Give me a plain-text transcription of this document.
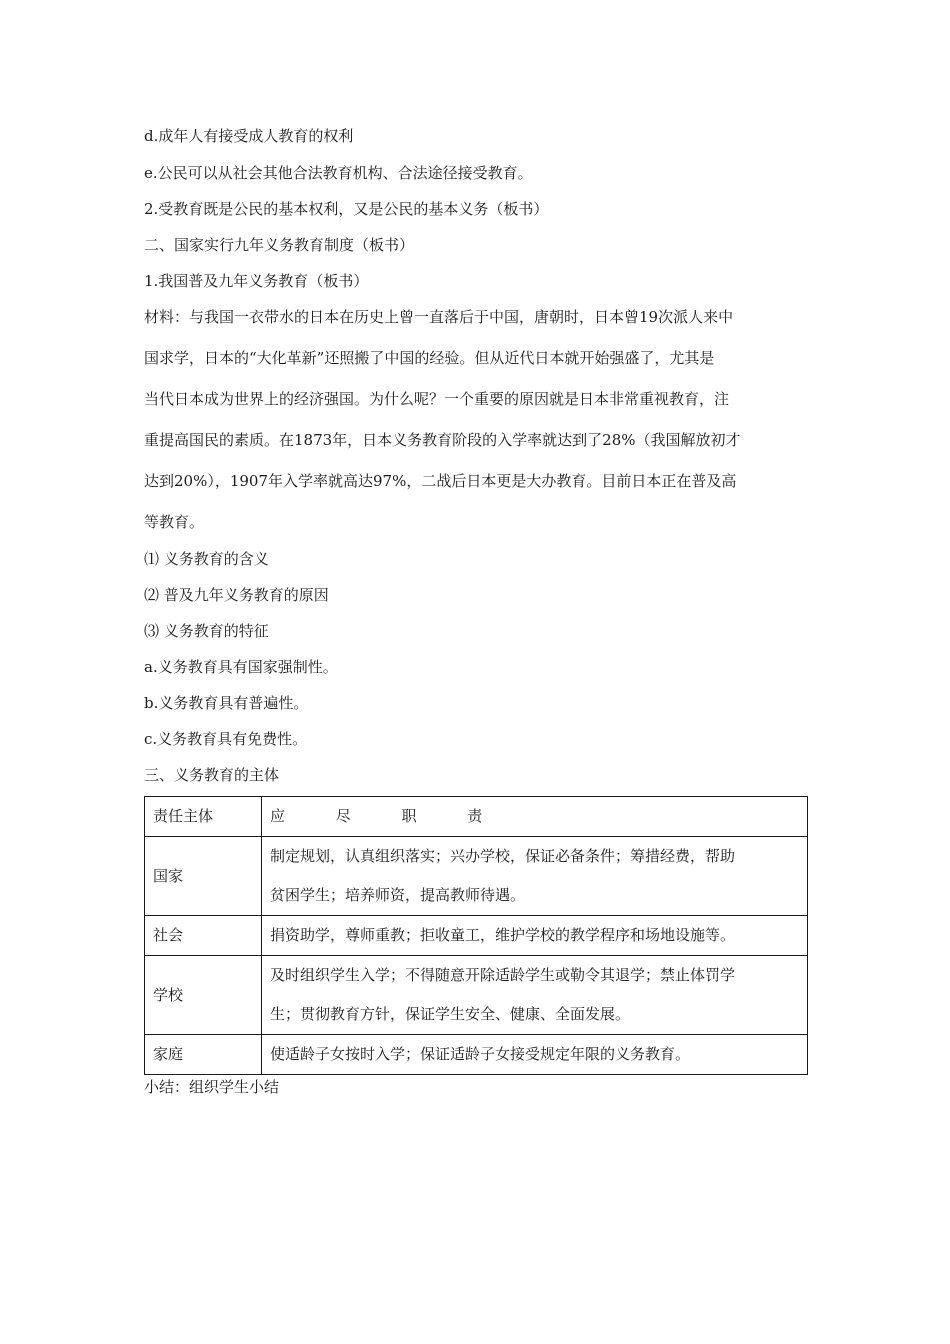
d.成年人有接受成人教育的权利
e.公民可以从社会其他合法教育机构、合法途径接受教育。
2.受教育既是公民的基本权利，又是公民的基本义务（板书）
二、国家实行九年义务教育制度（板书）
1.我国普及九年义务教育（板书）
材料：与我国一衣带水的日本在历史上曾一直落后于中国，唐朝时，日本曾19次派人来中
国求学，日本的“大化革新”还照搬了中国的经验。但从近代日本就开始强盛了，尤其是
当代日本成为世界上的经济强国。为什么呢？一个重要的原因就是日本非常重视教育，注
重提高国民的素质。在1873年，日本义务教育阶段的入学率就达到了28%（我国解放初才
达到20%），1907年入学率就高达97%，二战后日本更是大办教育。目前日本正在普及高
等教育。
⑴ 义务教育的含义
⑵ 普及九年义务教育的原因
⑶ 义务教育的特征
a.义务教育具有国家强制性。
b.义务教育具有普遍性。
c.义务教育具有免费性。
三、义务教育的主体
责任主体	应 尽 职 责
国家	制定规划，认真组织落实；兴办学校，保证必备条件；筹措经费，帮助
贫困学生；培养师资，提高教师待遇。

社会	捐资助学，尊师重教；拒收童工，维护学校的教学程序和场地设施等。

学校	及时组织学生入学；不得随意开除适龄学生或勒令其退学；禁止体罚学
生；贯彻教育方针，保证学生安全、健康、全面发展。

家庭	使适龄子女按时入学；保证适龄子女接受规定年限的义务教育。
小结：组织学生小结
